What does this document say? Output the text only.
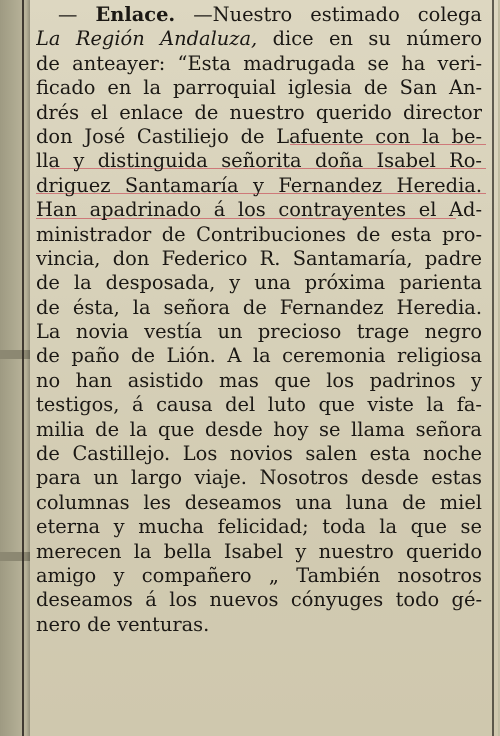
— Enlace. —Nuestro estimado colega
La Región Andaluza, dice en su número
de anteayer: “Esta madrugada se ha veri-
ficado en la parroquial iglesia de San An-
drés el enlace de nuestro querido director
don José Castiliejo de Lafuente con la be-
lla y distinguida señorita doña Isabel Ro-
driguez Santamaría y Fernandez Heredia.
Han apadrinado á los contrayentes el Ad-
ministrador de Contribuciones de esta pro-
vincia, don Federico R. Santamaría, padre
de la desposada, y una próxima parienta
de ésta, la señora de Fernandez Heredia.
La novia vestía un precioso trage negro
de paño de Lión. A la ceremonia religiosa
no han asistido mas que los padrinos y
testigos, á causa del luto que viste la fa-
milia de la que desde hoy se llama señora
de Castillejo. Los novios salen esta noche
para un largo viaje. Nosotros desde estas
columnas les deseamos una luna de miel
eterna y mucha felicidad; toda la que se
merecen la bella Isabel y nuestro querido
amigo y compañero „ También nosotros
deseamos á los nuevos cónyuges todo gé-
nero de venturas.
